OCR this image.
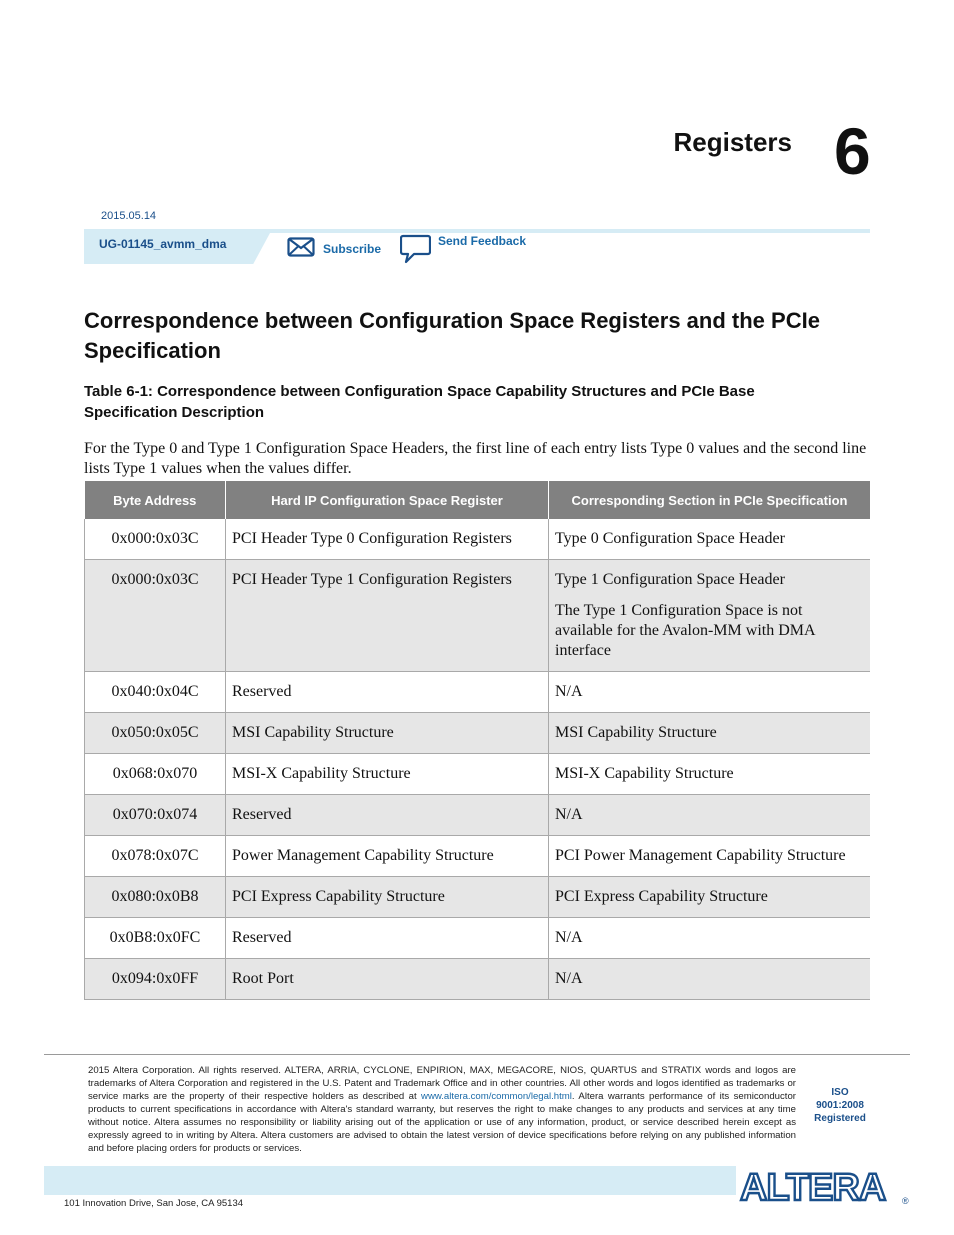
Registers 6
2015.05.14
UG-01145_avmm_dma	Subscribe
Send Feedback
Correspondence between Configuration Space Registers and the PCIe Specification
Table 6-1: Correspondence between Configuration Space Capability Structures and PCIe Base Specification Description
For the Type 0 and Type 1 Configuration Space Headers, the first line of each entry lists Type 0 values and the second line lists Type 1 values when the values differ.
Byte Address	Hard IP Configuration Space Register	Corresponding Section in PCIe Specification
0x000:0x03C	PCI Header Type 0 Configuration Registers	Type 0 Configuration Space Header
0x000:0x03C	PCI Header Type 1 Configuration Registers	Type 1 Configuration Space Header
The Type 1 Configuration Space is not available for the Avalon-MM with DMA interface

0x040:0x04C	Reserved	N/A
0x050:0x05C	MSI Capability Structure	MSI Capability Structure
0x068:0x070	MSI-X Capability Structure	MSI-X Capability Structure
0x070:0x074	Reserved	N/A
0x078:0x07C	Power Management Capability Structure	PCI Power Management Capability Structure
0x080:0x0B8	PCI Express Capability Structure	PCI Express Capability Structure
0x0B8:0x0FC	Reserved	N/A
0x094:0x0FF	Root Port	N/A
2015 Altera Corporation. All rights reserved. ALTERA, ARRIA, CYCLONE, ENPIRION, MAX, MEGACORE, NIOS, QUARTUS and STRATIX words and logos are trademarks of Altera Corporation and registered in the U.S. Patent and Trademark Office and in other countries. All other words and logos identified as trademarks or service marks are the property of their respective holders as described at www.altera.com/common/legal.html. Altera warrants performance of its semiconductor products to current specifications in accordance with Altera's standard warranty, but reserves the right to make changes to any products and services at any time without notice. Altera assumes no responsibility or liability arising out of the application or use of any information, product, or service described herein except as expressly agreed to in writing by Altera. Altera customers are advised to obtain the latest version of device specifications before relying on any published information and before placing orders for products or services.
ISO
9001:2008
Registered
ALTERA ®
101 Innovation Drive, San Jose, CA 95134
